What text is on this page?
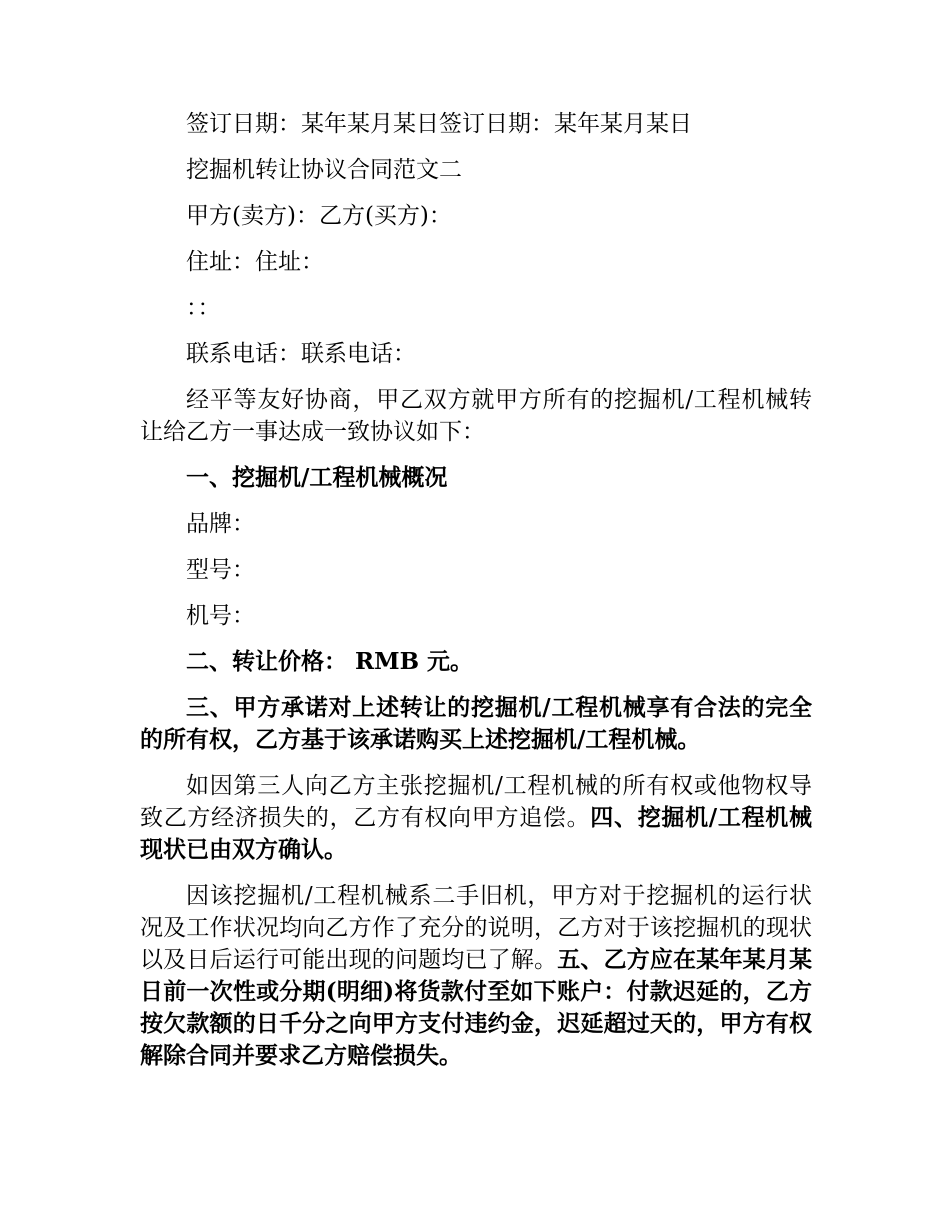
签订日期：某年某月某日签订日期：某年某月某日

挖掘机转让协议合同范文二

甲方(卖方)：乙方(买方)：

住址：住址：

：：

联系电话：联系电话：

经平等友好协商，甲乙双方就甲方所有的挖掘机/工程机械转让给乙方一事达成一致协议如下：

一、挖掘机/工程机械概况

品牌：

型号：

机号：

二、转让价格： RMB 元。

三、甲方承诺对上述转让的挖掘机/工程机械享有合法的完全的所有权，乙方基于该承诺购买上述挖掘机/工程机械。

如因第三人向乙方主张挖掘机/工程机械的所有权或他物权导致乙方经济损失的，乙方有权向甲方追偿。四、挖掘机/工程机械现状已由双方确认。

因该挖掘机/工程机械系二手旧机，甲方对于挖掘机的运行状况及工作状况均向乙方作了充分的说明，乙方对于该挖掘机的现状以及日后运行可能出现的问题均已了解。五、乙方应在某年某月某日前一次性或分期(明细)将货款付至如下账户：付款迟延的，乙方按欠款额的日千分之向甲方支付违约金，迟延超过天的，甲方有权解除合同并要求乙方赔偿损失。
